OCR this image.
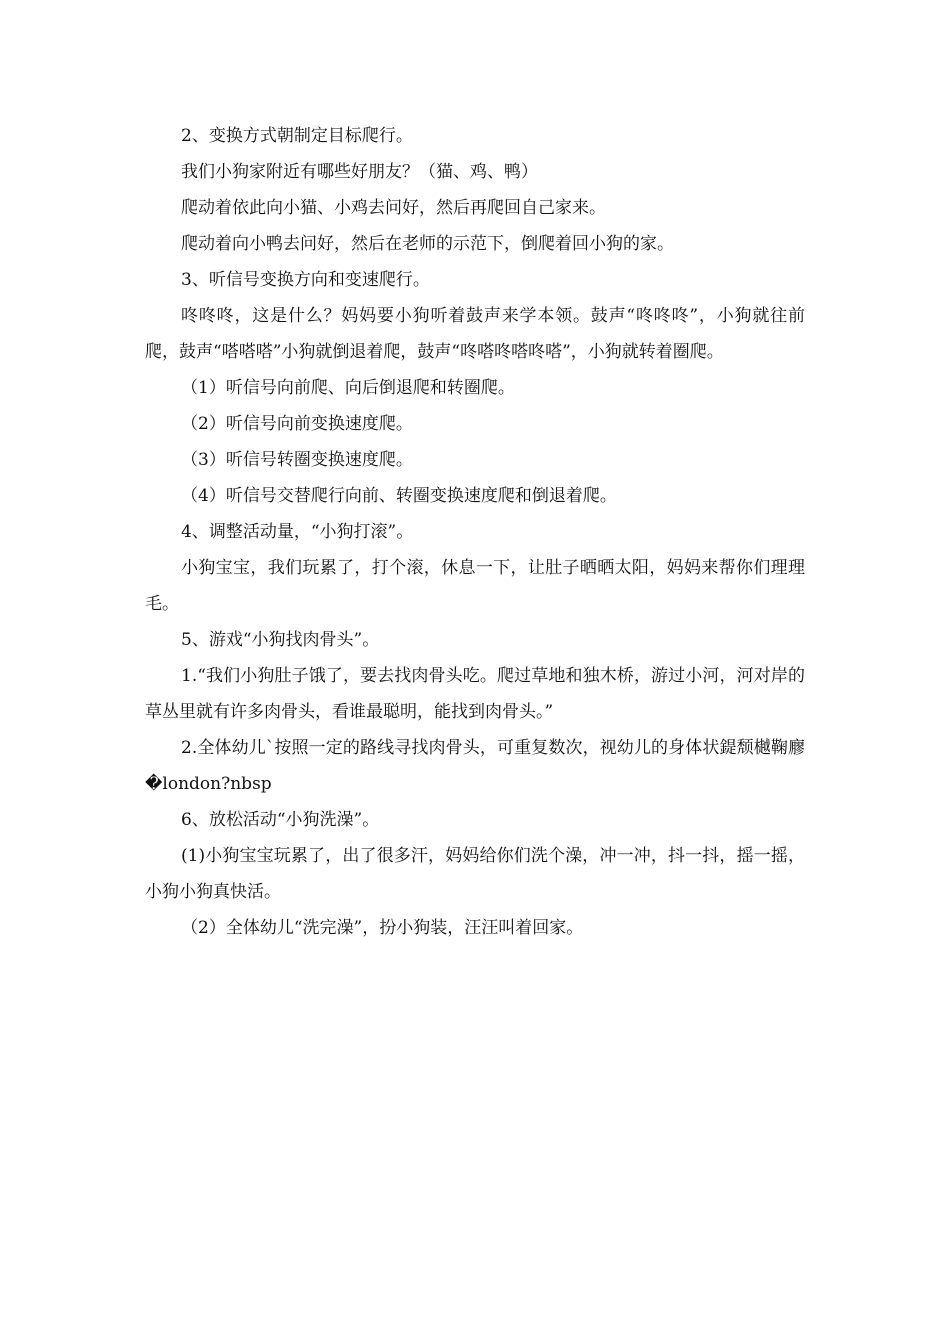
2、变换方式朝制定目标爬行。

我们小狗家附近有哪些好朋友？（猫、鸡、鸭）

爬动着依此向小猫、小鸡去问好，然后再爬回自己家来。

爬动着向小鸭去问好，然后在老师的示范下，倒爬着回小狗的家。

3、听信号变换方向和变速爬行。

咚咚咚，这是什么？妈妈要小狗听着鼓声来学本领。鼓声“咚咚咚”，小狗就往前爬，鼓声“嗒嗒嗒”小狗就倒退着爬，鼓声“咚嗒咚嗒咚嗒”，小狗就转着圈爬。

（1）听信号向前爬、向后倒退爬和转圈爬。

（2）听信号向前变换速度爬。

（3）听信号转圈变换速度爬。

（4）听信号交替爬行向前、转圈变换速度爬和倒退着爬。

4、调整活动量，“小狗打滚”。

小狗宝宝，我们玩累了，打个滚，休息一下，让肚子晒晒太阳，妈妈来帮你们理理毛。

5、游戏“小狗找肉骨头”。

1.“我们小狗肚子饿了，要去找肉骨头吃。爬过草地和独木桥，游过小河，河对岸的草丛里就有许多肉骨头，看谁最聪明，能找到肉骨头。”

2.全体幼儿`按照一定的路线寻找肉骨头，可重复数次，视幼儿的身体状鍉颓樾鞠廫�london?nbsp

6、放松活动“小狗洗澡”。

(1)小狗宝宝玩累了，出了很多汗，妈妈给你们洗个澡，冲一冲，抖一抖，摇一摇，小狗小狗真快活。

（2）全体幼儿“洗完澡”，扮小狗装，汪汪叫着回家。
